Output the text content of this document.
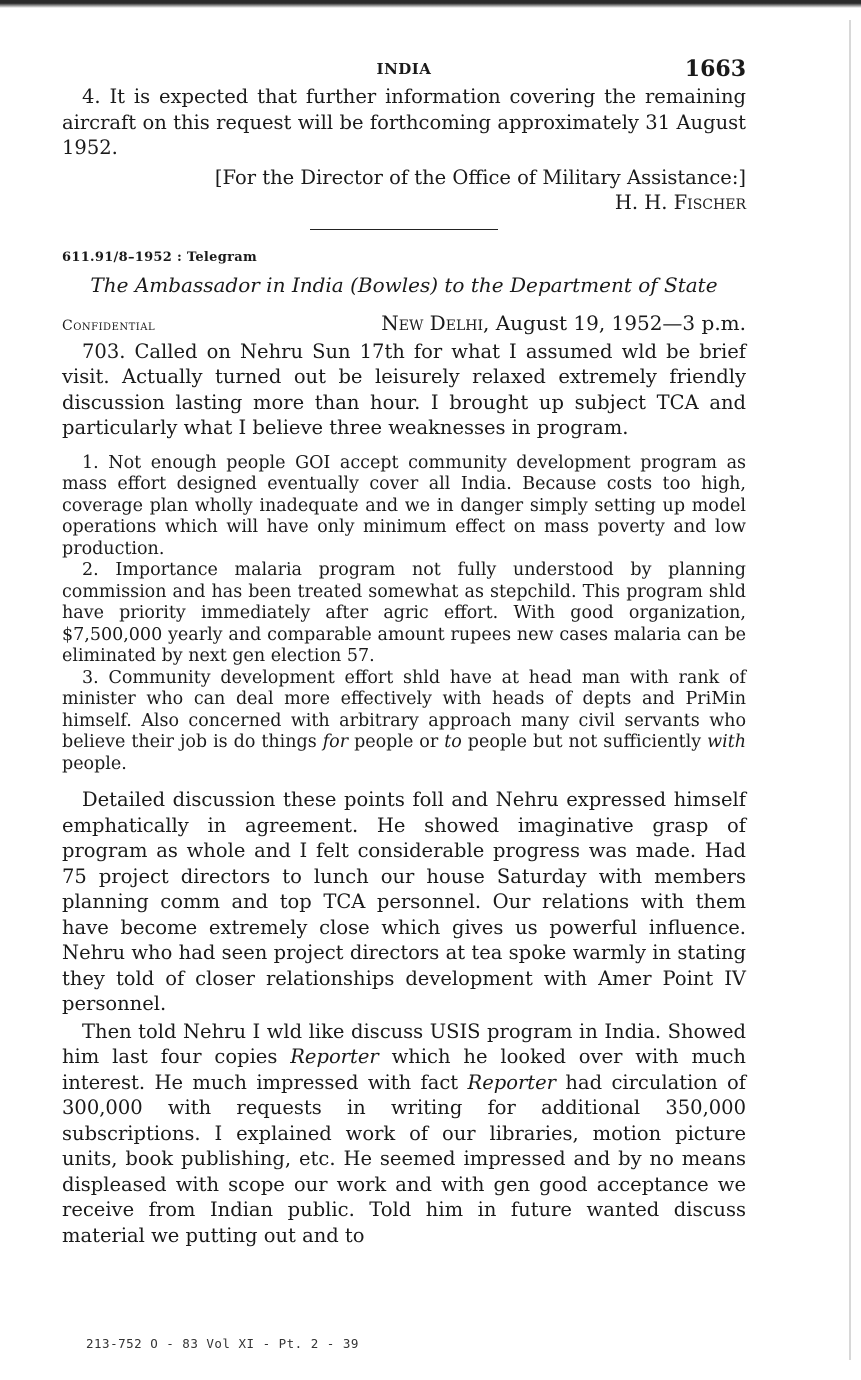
INDIA	1663

4. It is expected that further information covering the remaining aircraft on this request will be forthcoming approximately 31 August 1952.

[For the Director of the Office of Military Assistance:]

H. H. Fischer

611.91/8–1952 : Telegram
The Ambassador in India (Bowles) to the Department of State
Confidential	New Delhi, August 19, 1952—3 p.m.

703. Called on Nehru Sun 17th for what I assumed wld be brief visit. Actually turned out be leisurely relaxed extremely friendly discussion lasting more than hour. I brought up subject TCA and particularly what I believe three weaknesses in program.

1. Not enough people GOI accept community development program as mass effort designed eventually cover all India. Because costs too high, coverage plan wholly inadequate and we in danger simply setting up model operations which will have only minimum effect on mass poverty and low production.

2. Importance malaria program not fully understood by planning commission and has been treated somewhat as stepchild. This program shld have priority immediately after agric effort. With good organization, $7,500,000 yearly and comparable amount rupees new cases malaria can be eliminated by next gen election 57.

3. Community development effort shld have at head man with rank of minister who can deal more effectively with heads of depts and PriMin himself. Also concerned with arbitrary approach many civil servants who believe their job is do things for people or to people but not sufficiently with people.

Detailed discussion these points foll and Nehru expressed himself emphatically in agreement. He showed imaginative grasp of program as whole and I felt considerable progress was made. Had 75 project directors to lunch our house Saturday with members planning comm and top TCA personnel. Our relations with them have become extremely close which gives us powerful influence. Nehru who had seen project directors at tea spoke warmly in stating they told of closer relationships development with Amer Point IV personnel.

Then told Nehru I wld like discuss USIS program in India. Showed him last four copies Reporter which he looked over with much interest. He much impressed with fact Reporter had circulation of 300,000 with requests in writing for additional 350,000 subscriptions. I explained work of our libraries, motion picture units, book publishing, etc. He seemed impressed and by no means displeased with scope our work and with gen good acceptance we receive from Indian public. Told him in future wanted discuss material we putting out and to

213-752 O - 83 Vol XI - Pt. 2 - 39
